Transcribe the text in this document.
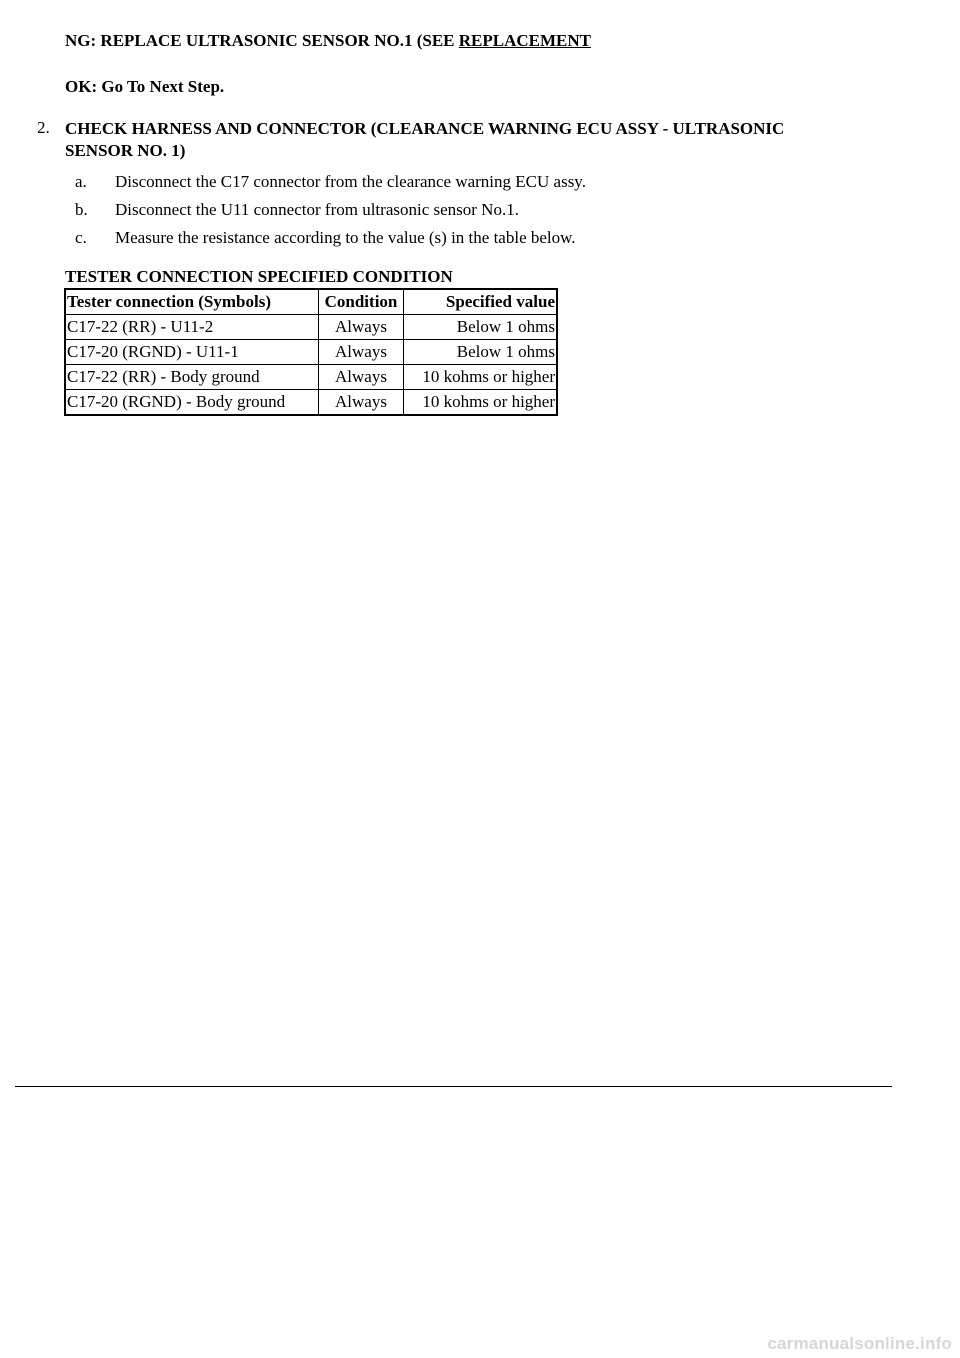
NG: REPLACE ULTRASONIC SENSOR NO.1 (SEE REPLACEMENT
OK: Go To Next Step.
2. CHECK HARNESS AND CONNECTOR (CLEARANCE WARNING ECU ASSY - ULTRASONIC SENSOR NO. 1)
a. Disconnect the C17 connector from the clearance warning ECU assy.
b. Disconnect the U11 connector from ultrasonic sensor No.1.
c. Measure the resistance according to the value (s) in the table below.
TESTER CONNECTION SPECIFIED CONDITION
Tester connection (Symbols)	Condition	Specified value
C17-22 (RR) - U11-2	Always	Below 1 ohms
C17-20 (RGND) - U11-1	Always	Below 1 ohms
C17-22 (RR) - Body ground	Always	10 kohms or higher
C17-20 (RGND) - Body ground	Always	10 kohms or higher
carmanualsonline.info
